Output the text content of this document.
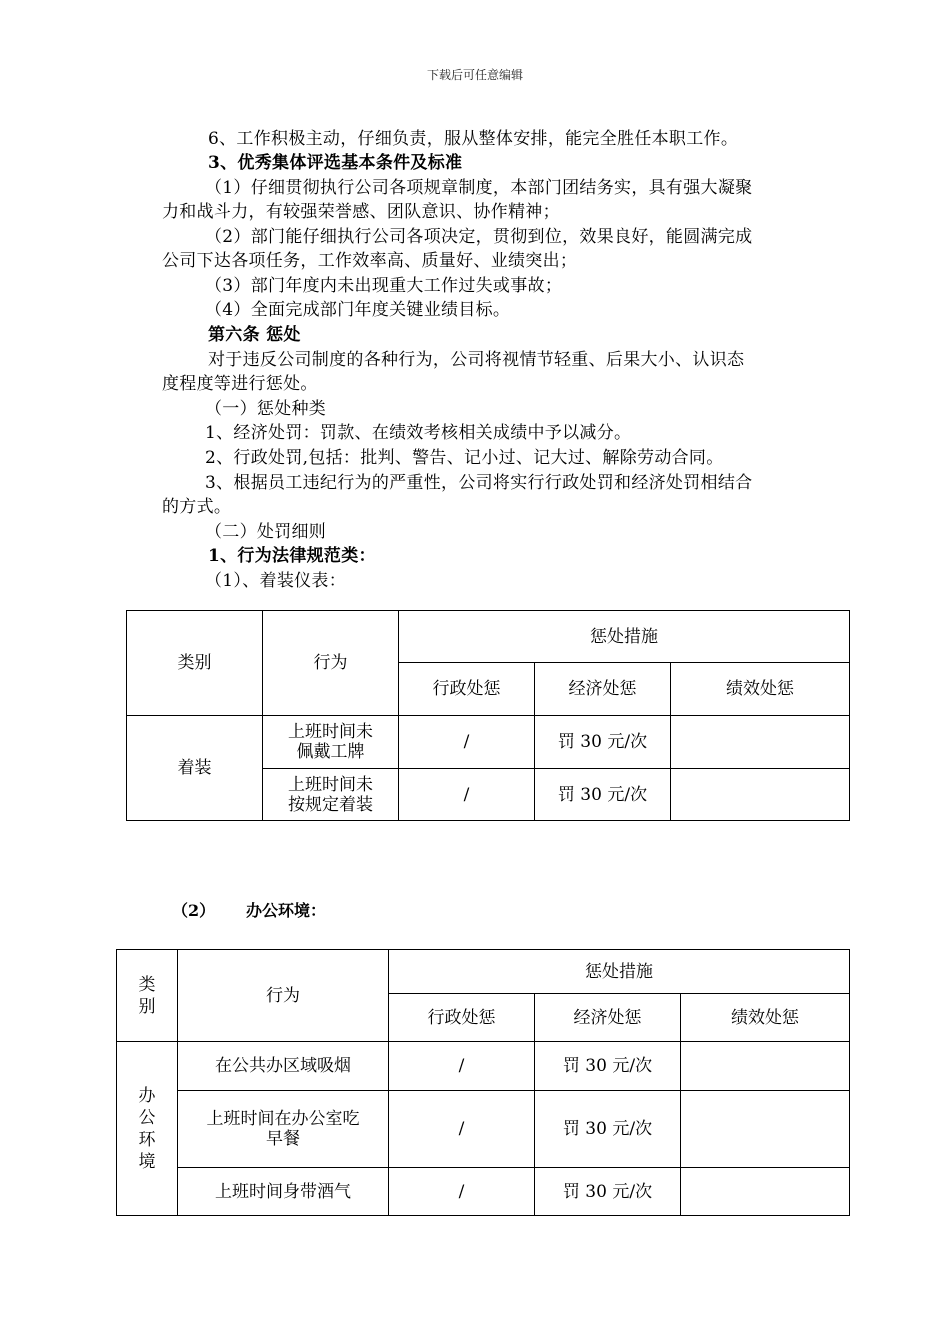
下载后可任意编辑
6、工作积极主动，仔细负责，服从整体安排，能完全胜任本职工作。
3、优秀集体评选基本条件及标准
（1）仔细贯彻执行公司各项规章制度，本部门团结务实，具有强大凝聚
力和战斗力，有较强荣誉感、团队意识、协作精神；
（2）部门能仔细执行公司各项决定，贯彻到位，效果良好，能圆满完成
公司下达各项任务，工作效率高、质量好、业绩突出；
（3）部门年度内未出现重大工作过失或事故；
（4）全面完成部门年度关键业绩目标。
第六条 惩处
对于违反公司制度的各种行为，公司将视情节轻重、后果大小、认识态
度程度等进行惩处。
（一）惩处种类
1、经济处罚：罚款、在绩效考核相关成绩中予以减分。
2、行政处罚,包括：批判、警告、记小过、记大过、解除劳动合同。
3、根据员工违纪行为的严重性，公司将实行行政处罚和经济处罚相结合
的方式。
（二）处罚细则
1、行为法律规范类：
（1）、着装仪表：
类别	行为	惩处措施		
		行政处惩	经济处惩	绩效处惩
着装	上班时间未
佩戴工牌	/	罚 30 元/次	

	上班时间未
按规定着装	/	罚 30 元/次	
（2） 办公环境：
类别	行为	惩处措施		
		行政处惩	经济处惩	绩效处惩
办公环境	在公共办区域吸烟	/	罚 30 元/次	

	上班时间在办公室吃
早餐	/	罚 30 元/次	

	上班时间身带酒气	/	罚 30 元/次	
